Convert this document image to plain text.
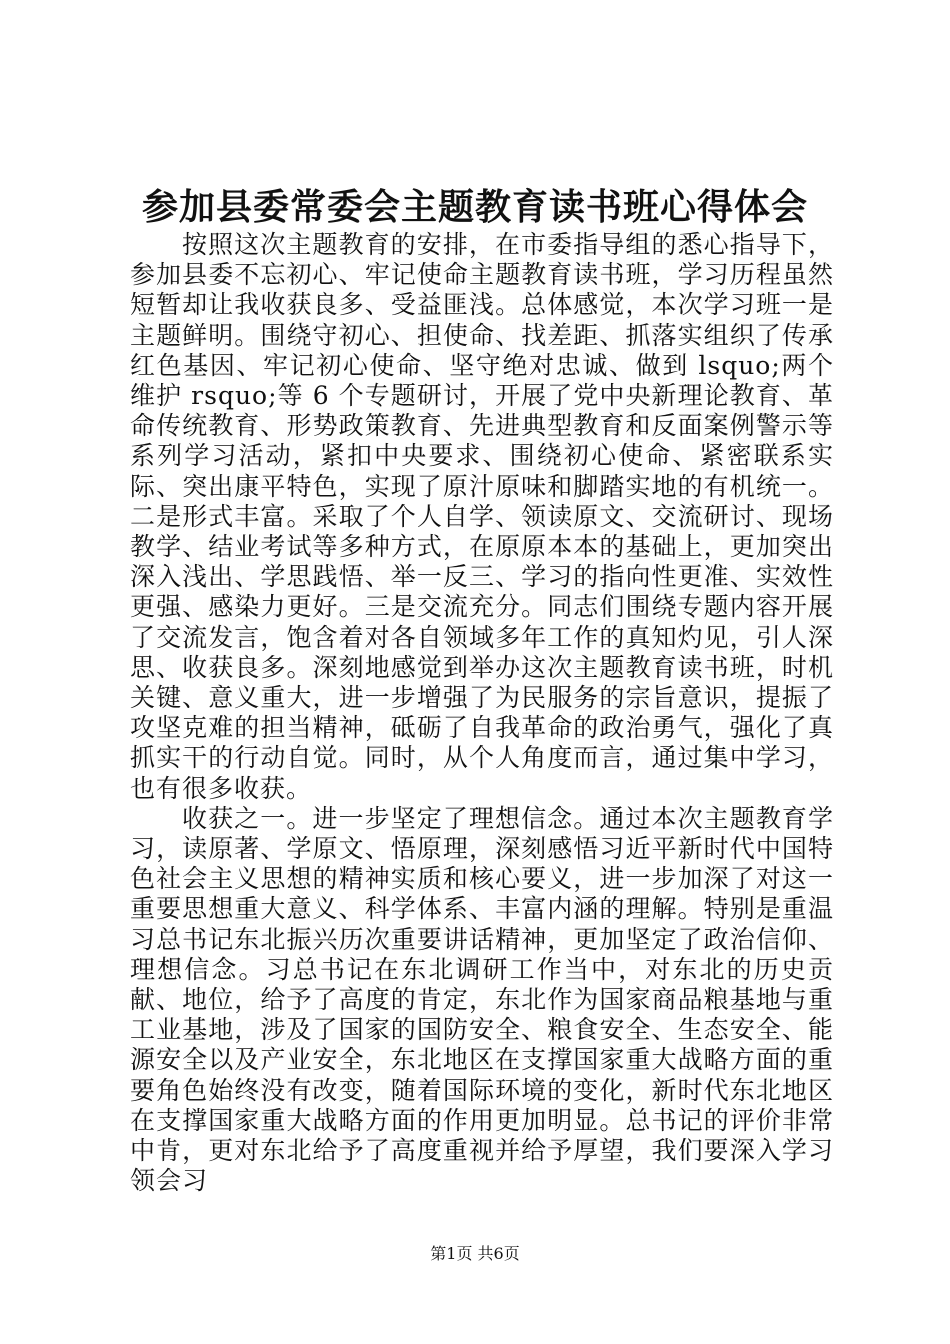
参加县委常委会主题教育读书班心得体会

按照这次主题教育的安排，在市委指导组的悉心指导下，参加县委不忘初心、牢记使命主题教育读书班，学习历程虽然短暂却让我收获良多、受益匪浅。总体感觉，本次学习班一是主题鲜明。围绕守初心、担使命、找差距、抓落实组织了传承红色基因、牢记初心使命、坚守绝对忠诚、做到 lsquo;两个维护 rsquo;等 6 个专题研讨，开展了党中央新理论教育、革命传统教育、形势政策教育、先进典型教育和反面案例警示等系列学习活动，紧扣中央要求、围绕初心使命、紧密联系实际、突出康平特色，实现了原汁原味和脚踏实地的有机统一。二是形式丰富。采取了个人自学、领读原文、交流研讨、现场教学、结业考试等多种方式，在原原本本的基础上，更加突出深入浅出、学思践悟、举一反三、学习的指向性更准、实效性更强、感染力更好。三是交流充分。同志们围绕专题内容开展了交流发言，饱含着对各自领域多年工作的真知灼见，引人深思、收获良多。深刻地感觉到举办这次主题教育读书班，时机关键、意义重大，进一步增强了为民服务的宗旨意识，提振了攻坚克难的担当精神，砥砺了自我革命的政治勇气，强化了真抓实干的行动自觉。同时，从个人角度而言，通过集中学习，也有很多收获。

收获之一。进一步坚定了理想信念。通过本次主题教育学习，读原著、学原文、悟原理，深刻感悟习近平新时代中国特色社会主义思想的精神实质和核心要义，进一步加深了对这一重要思想重大意义、科学体系、丰富内涵的理解。特别是重温习总书记东北振兴历次重要讲话精神，更加坚定了政治信仰、理想信念。习总书记在东北调研工作当中，对东北的历史贡献、地位，给予了高度的肯定，东北作为国家商品粮基地与重工业基地，涉及了国家的国防安全、粮食安全、生态安全、能源安全以及产业安全，东北地区在支撑国家重大战略方面的重要角色始终没有改变，随着国际环境的变化，新时代东北地区在支撑国家重大战略方面的作用更加明显。总书记的评价非常中肯，更对东北给予了高度重视并给予厚望，我们要深入学习领会习

第1页 共6页
